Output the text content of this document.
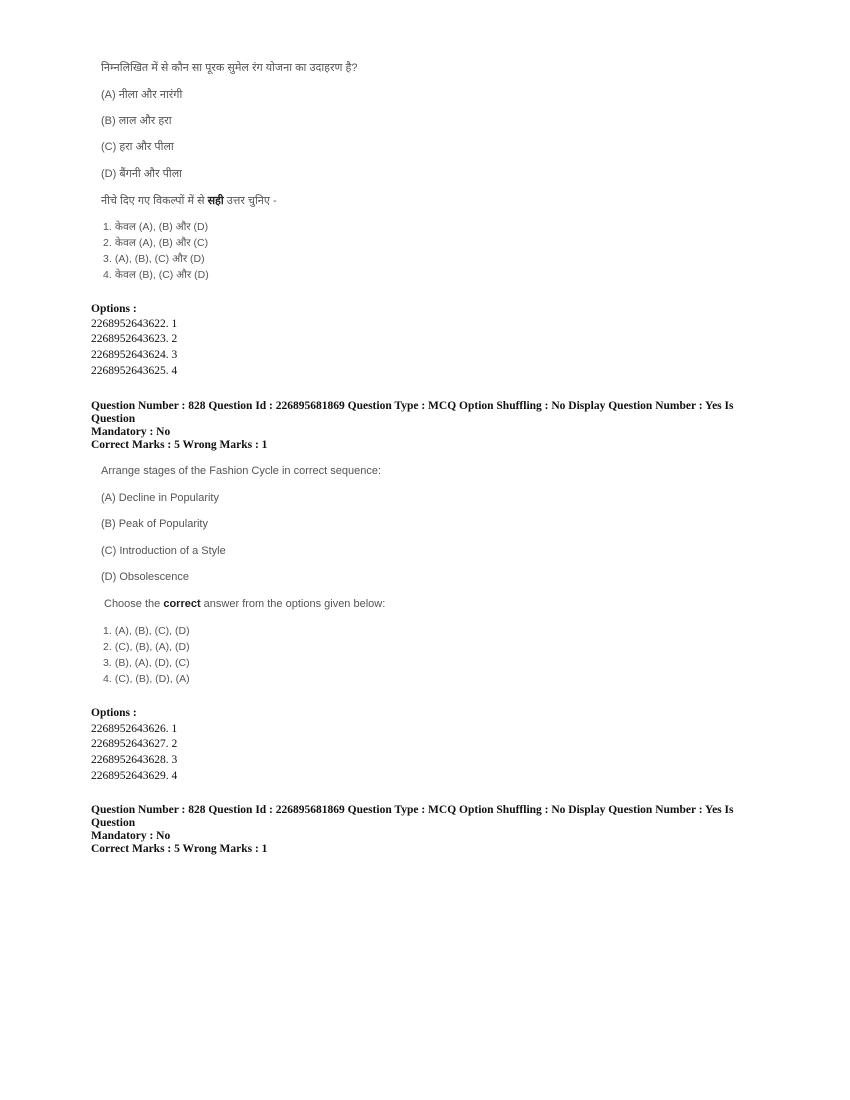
निम्नलिखित में से कौन सा पूरक सुमेल रंग योजना का उदाहरण है?
(A) नीला और नारंगी
(B) लाल और हरा
(C) हरा और पीला
(D) बैंगनी और पीला
नीचे दिए गए विकल्पों में से सही उत्तर चुनिए -
1. केवल (A), (B) और (D)
2. केवल (A), (B) और (C)
3. (A), (B), (C) और (D)
4. केवल (B), (C) और (D)
Options :
2268952643622. 1
2268952643623. 2
2268952643624. 3
2268952643625. 4
Question Number : 828 Question Id : 226895681869 Question Type : MCQ Option Shuffling : No Display Question Number : Yes Is Question
Mandatory : No
Correct Marks : 5 Wrong Marks : 1
Arrange stages of the Fashion Cycle in correct sequence:
(A) Decline in Popularity
(B) Peak of Popularity
(C) Introduction of a Style
(D) Obsolescence
Choose the correct answer from the options given below:
1. (A), (B), (C), (D)
2. (C), (B), (A), (D)
3. (B), (A), (D), (C)
4. (C), (B), (D), (A)
Options :
2268952643626. 1
2268952643627. 2
2268952643628. 3
2268952643629. 4
Question Number : 828 Question Id : 226895681869 Question Type : MCQ Option Shuffling : No Display Question Number : Yes Is Question
Mandatory : No
Correct Marks : 5 Wrong Marks : 1
